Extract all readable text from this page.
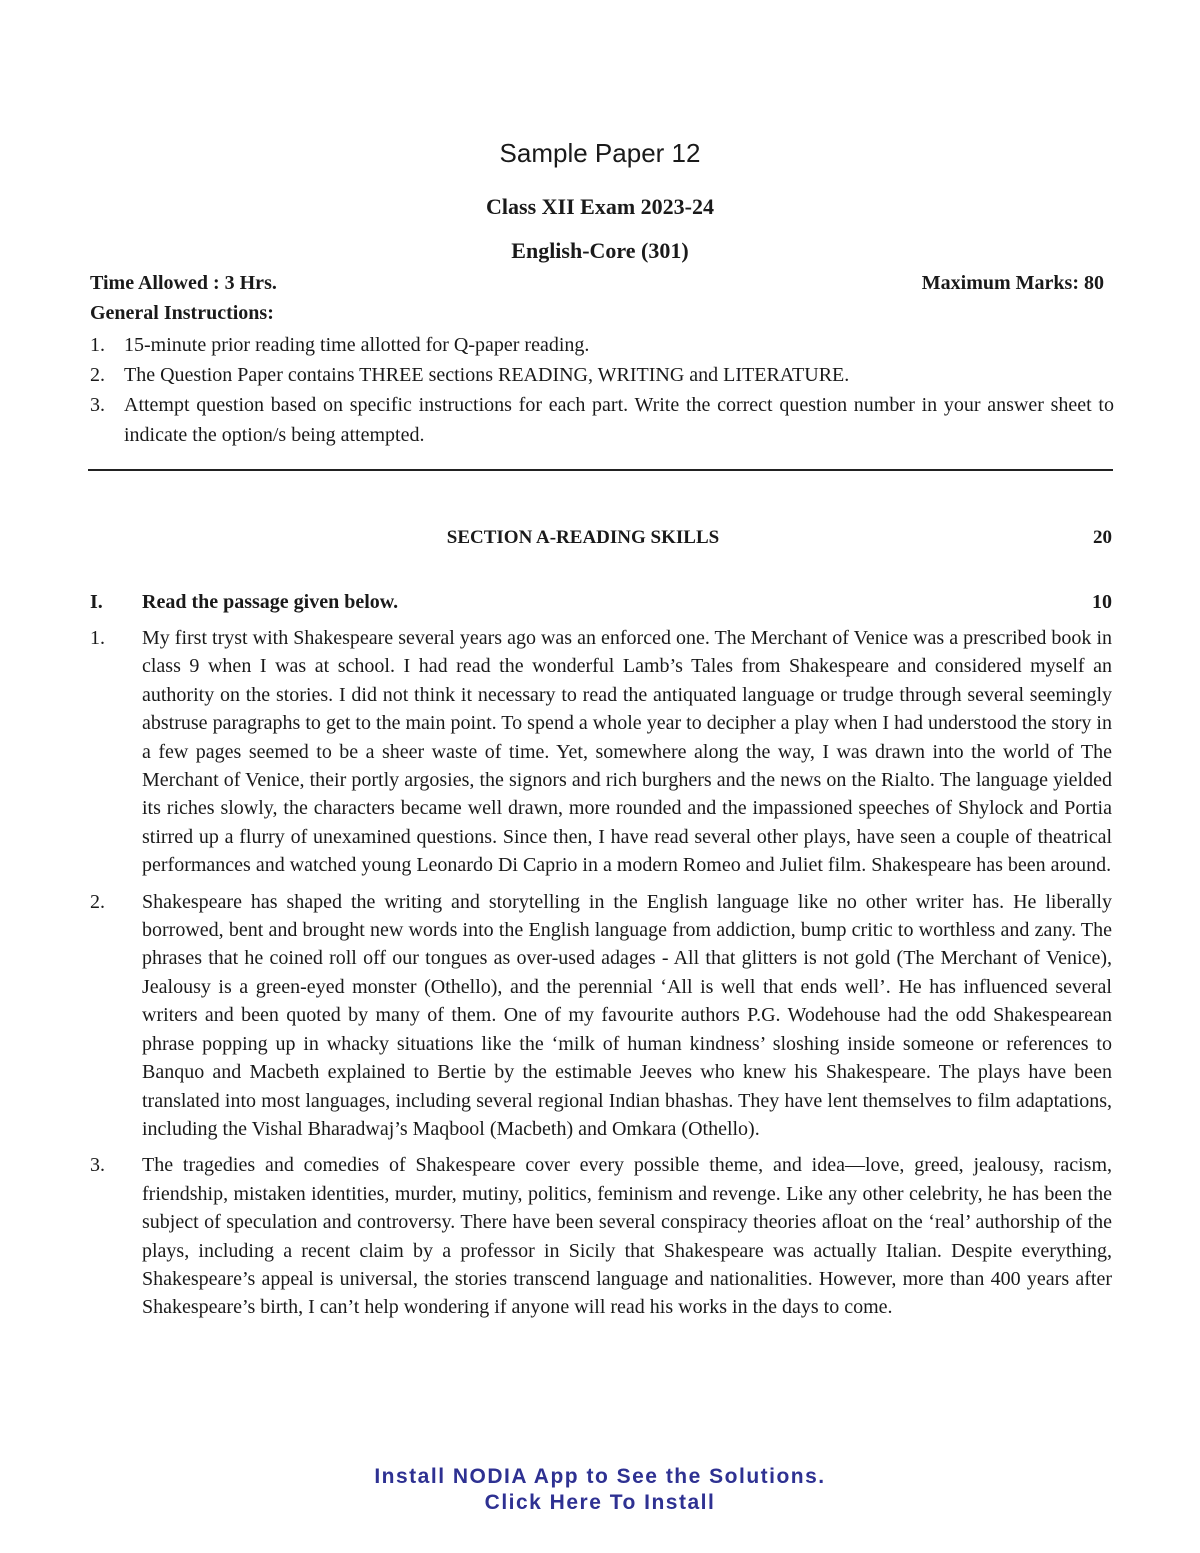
Sample Paper 12
Class XII Exam 2023-24
English-Core (301)
Time Allowed : 3 Hrs.	Maximum Marks: 80
General Instructions:
1. 15-minute prior reading time allotted for Q-paper reading.
2. The Question Paper contains THREE sections READING, WRITING and LITERATURE.
3. Attempt question based on specific instructions for each part. Write the correct question number in your answer sheet to indicate the option/s being attempted.
SECTION A-READING SKILLS	20
I. Read the passage given below.	10

1. My first tryst with Shakespeare several years ago was an enforced one. The Merchant of Venice was a prescribed book in class 9 when I was at school. I had read the wonderful Lamb’s Tales from Shakespeare and considered myself an authority on the stories. I did not think it necessary to read the antiquated language or trudge through several seemingly abstruse paragraphs to get to the main point. To spend a whole year to decipher a play when I had understood the story in a few pages seemed to be a sheer waste of time. Yet, somewhere along the way, I was drawn into the world of The Merchant of Venice, their portly argosies, the signors and rich burghers and the news on the Rialto. The language yielded its riches slowly, the characters became well drawn, more rounded and the impassioned speeches of Shylock and Portia stirred up a flurry of unexamined questions. Since then, I have read several other plays, have seen a couple of theatrical performances and watched young Leonardo Di Caprio in a modern Romeo and Juliet film. Shakespeare has been around.

2. Shakespeare has shaped the writing and storytelling in the English language like no other writer has. He liberally borrowed, bent and brought new words into the English language from addiction, bump critic to worthless and zany. The phrases that he coined roll off our tongues as over-used adages - All that glitters is not gold (The Merchant of Venice), Jealousy is a green-eyed monster (Othello), and the perennial ‘All is well that ends well’. He has influenced several writers and been quoted by many of them. One of my favourite authors P.G. Wodehouse had the odd Shakespearean phrase popping up in whacky situations like the ‘milk of human kindness’ sloshing inside someone or references to Banquo and Macbeth explained to Bertie by the estimable Jeeves who knew his Shakespeare. The plays have been translated into most languages, including several regional Indian bhashas. They have lent themselves to film adaptations, including the Vishal Bharadwaj’s Maqbool (Macbeth) and Omkara (Othello).

3. The tragedies and comedies of Shakespeare cover every possible theme, and idea—love, greed, jealousy, racism, friendship, mistaken identities, murder, mutiny, politics, feminism and revenge. Like any other celebrity, he has been the subject of speculation and controversy. There have been several conspiracy theories afloat on the ‘real’ authorship of the plays, including a recent claim by a professor in Sicily that Shakespeare was actually Italian. Despite everything, Shakespeare’s appeal is universal, the stories transcend language and nationalities. However, more than 400 years after Shakespeare’s birth, I can’t help wondering if anyone will read his works in the days to come.

Install NODIA App to See the Solutions.
Click Here To Install
